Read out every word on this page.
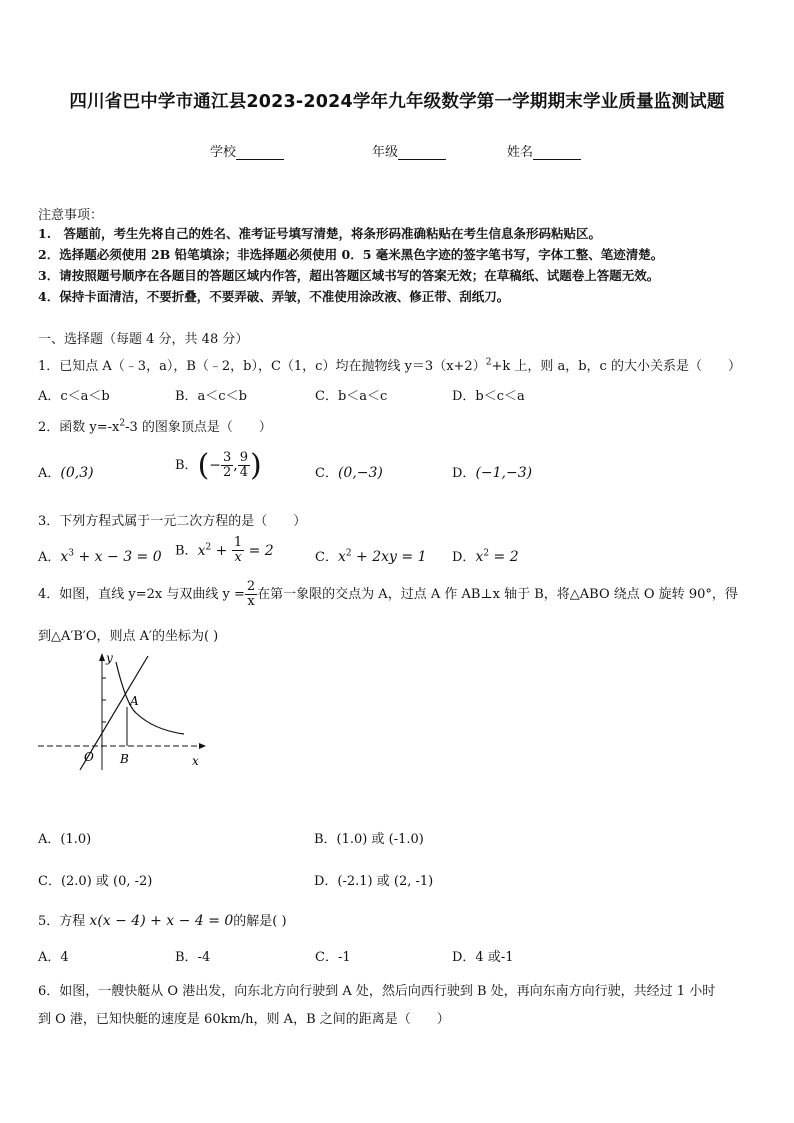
四川省巴中学市通江县2023-2024学年九年级数学第一学期期末学业质量监测试题
学校	年级	姓名
注意事项：
1.　答题前，考生先将自己的姓名、准考证号填写清楚，将条形码准确粘贴在考生信息条形码粘贴区。
2．选择题必须使用 2B 铅笔填涂；非选择题必须使用 0．5 毫米黑色字迹的签字笔书写，字体工整、笔迹清楚。
3．请按照题号顺序在各题目的答题区域内作答，超出答题区域书写的答案无效；在草稿纸、试题卷上答题无效。
4．保持卡面清洁，不要折叠，不要弄破、弄皱，不准使用涂改液、修正带、刮纸刀。
一、选择题（每题 4 分，共 48 分）
1．已知点 A（﹣3，a），B（﹣2，b），C（1，c）均在抛物线 $y=3(x+2)^2+k$ 上，则 a，b，c 的大小关系是（　　）
A．c＜a＜b	B．a＜c＜b	C．b＜a＜c	D．b＜c＜a
2．函数 $y=-x^2-3$ 的图象顶点是（　　）
A．(0,3)	B．(− $\frac{3}{2}$ , $\frac{9}{4}$ )	C．(0,−3)	D．(−1,−3)
3．下列方程式属于一元二次方程的是（　　）
A．$x^3 + x - 3 = 0$ B．$x^2 + \frac{1}{x} = 2$	C．$x^2 + 2xy = 1$ D．$x^2 = 2$
4．如图，直线 y=2x 与双曲线 $y = \frac{2}{x}$ 在第一象限的交点为 A，过点 A 作 AB⊥x 轴于 B，将△ABO 绕点 O 旋转 90°，得
到△A′B′O，则点 A′的坐标为( )
y
x
O
A
B
A．(1.0)	B．(1.0) 或 (-1.0)
C．(2.0) 或 (0, -2)	D．(-2.1) 或 (2, -1)
5．方程 x(x − 4) + x − 4 = 0的解是( )
A．4	B．-4	C．-1	D．4 或-1
6．如图，一艘快艇从 O 港出发，向东北方向行驶到 A 处，然后向西行驶到 B 处，再向东南方向行驶，共经过 1 小时
到 O 港，已知快艇的速度是 60km/h，则 A，B 之间的距离是（　　）
